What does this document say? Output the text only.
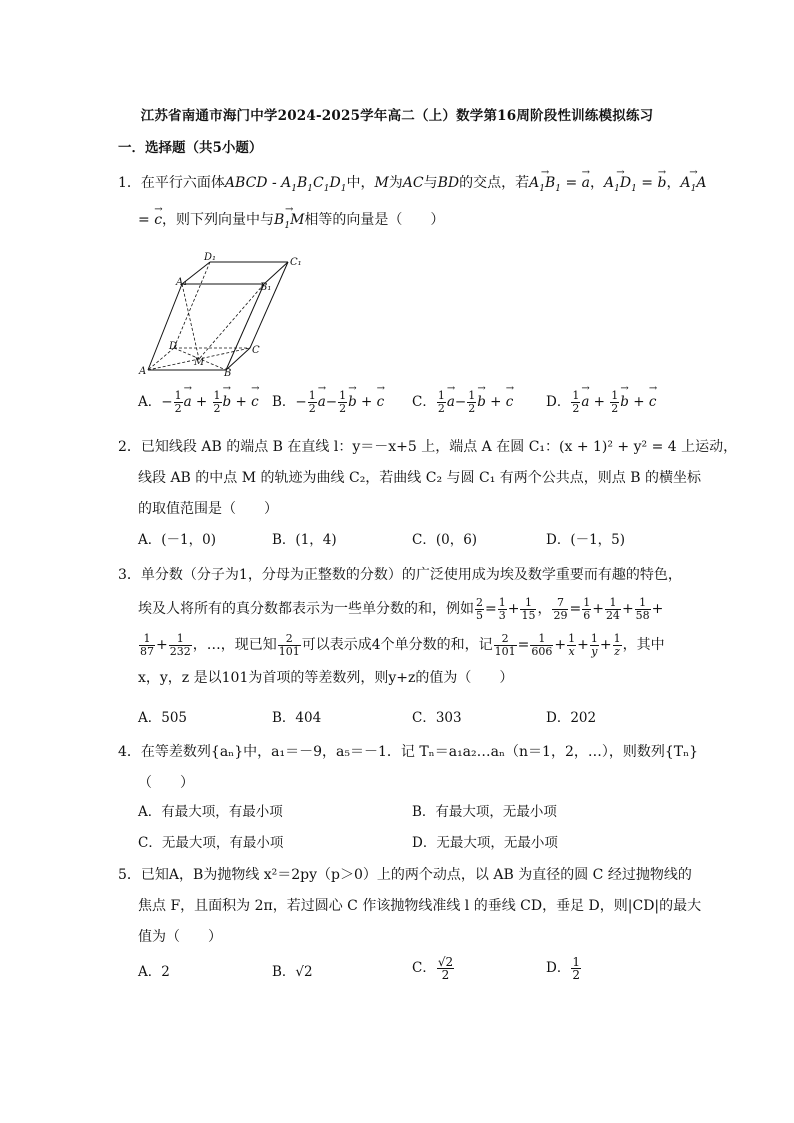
江苏省南通市海门中学2024-2025学年高二（上）数学第16周阶段性训练模拟练习
一．选择题（共5小题）
1．在平行六面体ABCD - $A_1B_1C_1D_1$中，M为AC与BD的交点，若→ $A_1B_1$ = → a，→ $A_1D_1$ = → b，→ $A_1A$
= → c，则下列向量中与→ $B_1M$相等的向量是（　　）
D₁	C₁
A₁	B₁
D	C
M
A	B
A．− $\frac{1}{2}$
→ $a + \frac{1}{2}$
→ b + → c B．− $\frac{1}{2}$
→ $a- \frac{1}{2}$
→ b + → c C． $\frac{1}{2}$
→ $a- \frac{1}{2}$
→ b + → c D． $\frac{1}{2}$
→ $a + \frac{1}{2}$
→ b + → c
2．已知线段 AB 的端点 B 在直线 l：y＝－x+5 上，端点 A 在圆 C₁：(x + 1)² + y² = 4 上运动，
线段 AB 的中点 M 的轨迹为曲线 C₂，若曲线 C₂ 与圆 C₁ 有两个公共点，则点 B 的横坐标
的取值范围是（　　）
A．(－1，0)	B．(1，4)	C．(0，6)	D．(－1，5)
3．单分数（分子为1，分母为正整数的分数）的广泛使用成为埃及数学重要而有趣的特色，
埃及人将所有的真分数都表示为一些单分数的和，例如 $\frac{2}{5} = \frac{1}{3} + \frac{1}{15}$ ， $\frac{7}{29} = \frac{1}{6} + \frac{1}{24} + \frac{1}{58}$ +
$\frac{1}{87} + \frac{1}{232}$ ，…，现已知 $\frac{2}{101}$ 可以表示成4个单分数的和，记 $\frac{2}{101} = \frac{1}{606} + \frac{1}{x} + \frac{1}{y} + \frac{1}{z}$ ，其中
x，y，z 是以101为首项的等差数列，则y+z的值为（　　）
A．505	B．404	C．303	D．202
4．在等差数列{aₙ}中，a₁＝－9，a₅＝－1．记 Tₙ＝a₁a₂…aₙ（n＝1，2，…），则数列{Tₙ}
（　　）
A．有最大项，有最小项	B．有最大项，无最小项
C．无最大项，有最小项	D．无最大项，无最小项
5．已知A，B为抛物线 x²＝2py（p＞0）上的两个动点，以 AB 为直径的圆 C 经过抛物线的
焦点 F，且面积为 2π，若过圆心 C 作该抛物线准线 l 的垂线 CD，垂足 D，则|CD|的最大
值为（　　）
A．2	B．√2	C． $\frac{√2}{2}$	D． $\frac{1}{2}$
